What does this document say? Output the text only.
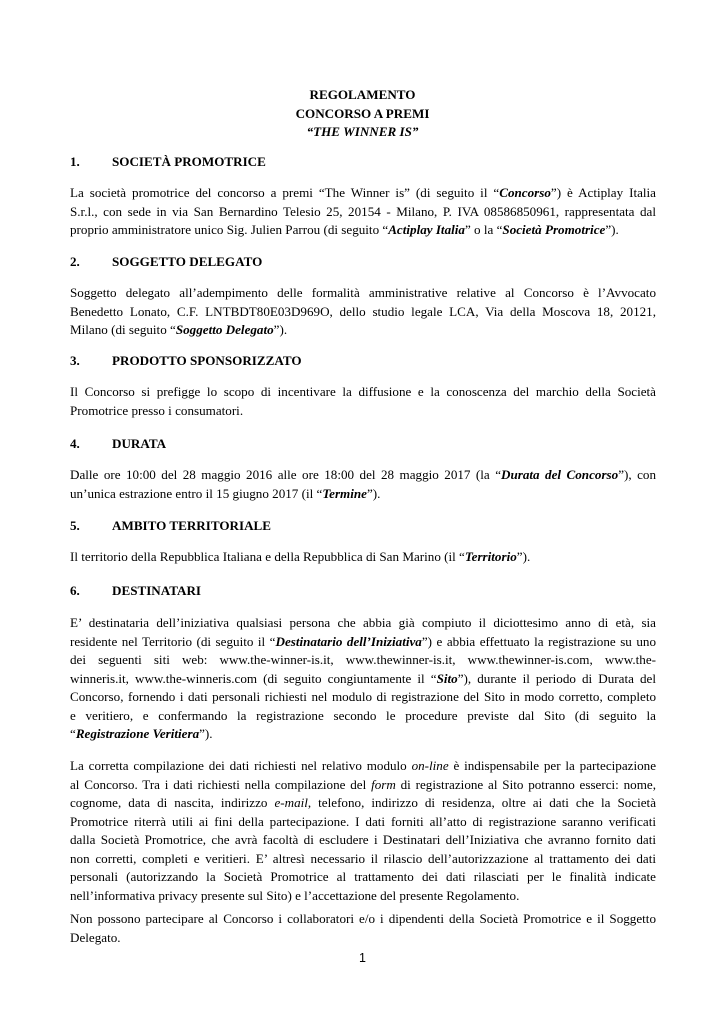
REGOLAMENTO
CONCORSO A PREMI
“THE WINNER IS”
1. SOCIETÀ PROMOTRICE
La società promotrice del concorso a premi “The Winner is” (di seguito il “Concorso”) è Actiplay Italia
S.r.l., con sede in via San Bernardino Telesio 25, 20154 - Milano, P. IVA 08586850961, rappresentata dal
proprio amministratore unico Sig. Julien Parrou (di seguito “Actiplay Italia” o la “Società Promotrice”).
2. SOGGETTO DELEGATO
Soggetto delegato all’adempimento delle formalità amministrative relative al Concorso è l’Avvocato
Benedetto Lonato, C.F. LNTBDT80E03D969O, dello studio legale LCA, Via della Moscova 18, 20121,
Milano (di seguito “Soggetto Delegato”).
3. PRODOTTO SPONSORIZZATO
Il Concorso si prefigge lo scopo di incentivare la diffusione e la conoscenza del marchio della Società
Promotrice presso i consumatori.
4. DURATA
Dalle ore 10:00 del 28 maggio 2016 alle ore 18:00 del 28 maggio 2017 (la “Durata del Concorso”), con
un’unica estrazione entro il 15 giugno 2017 (il “Termine”).
5. AMBITO TERRITORIALE
Il territorio della Repubblica Italiana e della Repubblica di San Marino (il “Territorio”).
6. DESTINATARI
E’ destinataria dell’iniziativa qualsiasi persona che abbia già compiuto il diciottesimo anno di età, sia
residente nel Territorio (di seguito il “Destinatario dell’Iniziativa”) e abbia effettuato la registrazione su uno
dei seguenti siti web: www.the-winner-is.it, www.thewinner-is.it, www.thewinner-is.com, www.the-
winneris.it, www.the-winneris.com (di seguito congiuntamente il “Sito”), durante il periodo di Durata del
Concorso, fornendo i dati personali richiesti nel modulo di registrazione del Sito in modo corretto, completo
e veritiero, e confermando la registrazione secondo le procedure previste dal Sito (di seguito la
“Registrazione Veritiera”).
La corretta compilazione dei dati richiesti nel relativo modulo on-line è indispensabile per la partecipazione
al Concorso. Tra i dati richiesti nella compilazione del form di registrazione al Sito potranno esserci: nome,
cognome, data di nascita, indirizzo e-mail, telefono, indirizzo di residenza, oltre ai dati che la Società
Promotrice riterrà utili ai fini della partecipazione. I dati forniti all’atto di registrazione saranno verificati
dalla Società Promotrice, che avrà facoltà di escludere i Destinatari dell’Iniziativa che avranno fornito dati
non corretti, completi e veritieri. E’ altresì necessario il rilascio dell’autorizzazione al trattamento dei dati
personali (autorizzando la Società Promotrice al trattamento dei dati rilasciati per le finalità indicate
nell’informativa privacy presente sul Sito) e l’accettazione del presente Regolamento.
Non possono partecipare al Concorso i collaboratori e/o i dipendenti della Società Promotrice e il Soggetto
Delegato.
1
